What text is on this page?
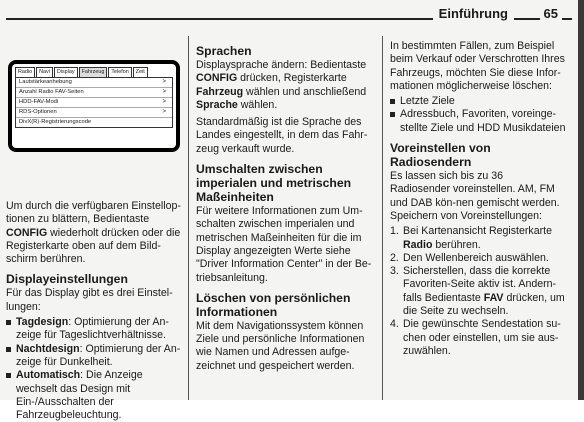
Einführung	65
Radio	Navi	Display	Fahrzeug	Telefon	Zeit
Lautstärkeanhebung	>
Anzahl Radio FAV-Seiten	>
HDD-FAV-Modi	>
RDS-Optionen	>
DivX(R)-Registrierungscode

Um durch die verfügbaren Einstellop-tionen zu blättern, Bedientaste
CONFIG wiederholt drücken oder die Registerkarte oben auf dem Bild-schirm berühren.

Displayeinstellungen

Für das Display gibt es drei Einstel-lungen:

Tagdesign: Optimierung der An-zeige für Tageslichtverhältnisse.
Nachtdesign: Optimierung der An-zeige für Dunkelheit.
Automatisch: Die Anzeige wechselt das Design mit Ein-/Ausschalten der Fahrzeugbeleuchtung.
Sprachen

Displaysprache ändern: Bedientaste CONFIG drücken, Registerkarte Fahrzeug wählen und anschließend Sprache wählen.

Standardmäßig ist die Sprache des Landes eingestellt, in dem das Fahr-zeug verkauft wurde.

Umschalten zwischen imperialen und metrischen Maßeinheiten

Für weitere Informationen zum Um-schalten zwischen imperialen und metrischen Maßeinheiten für die im Display angezeigten Werte siehe "Driver Information Center" in der Be-triebsanleitung.

Löschen von persönlichen Informationen

Mit dem Navigationssystem können Ziele und persönliche Informationen wie Namen und Adressen aufge-zeichnet und gespeichert werden.

In bestimmten Fällen, zum Beispiel beim Verkauf oder Verschrotten Ihres Fahrzeugs, möchten Sie diese Infor-mationen möglicherweise löschen:

Letzte Ziele
Adressbuch, Favoriten, voreinge-stellte Ziele und HDD Musikdateien
Voreinstellen von Radiosendern

Es lassen sich bis zu 36 Radiosender voreinstellen. AM, FM und DAB kön-nen gemischt werden. Speichern von Voreinstellungen:

1. Bei Kartenansicht Registerkarte Radio berühren.
2. Den Wellenbereich auswählen.
3. Sicherstellen, dass die korrekte Favoriten-Seite aktiv ist. Andern-falls Bedientaste FAV drücken, um die Seite zu wechseln.
4. Die gewünschte Sendestation su-chen oder einstellen, um sie aus-zuwählen.
